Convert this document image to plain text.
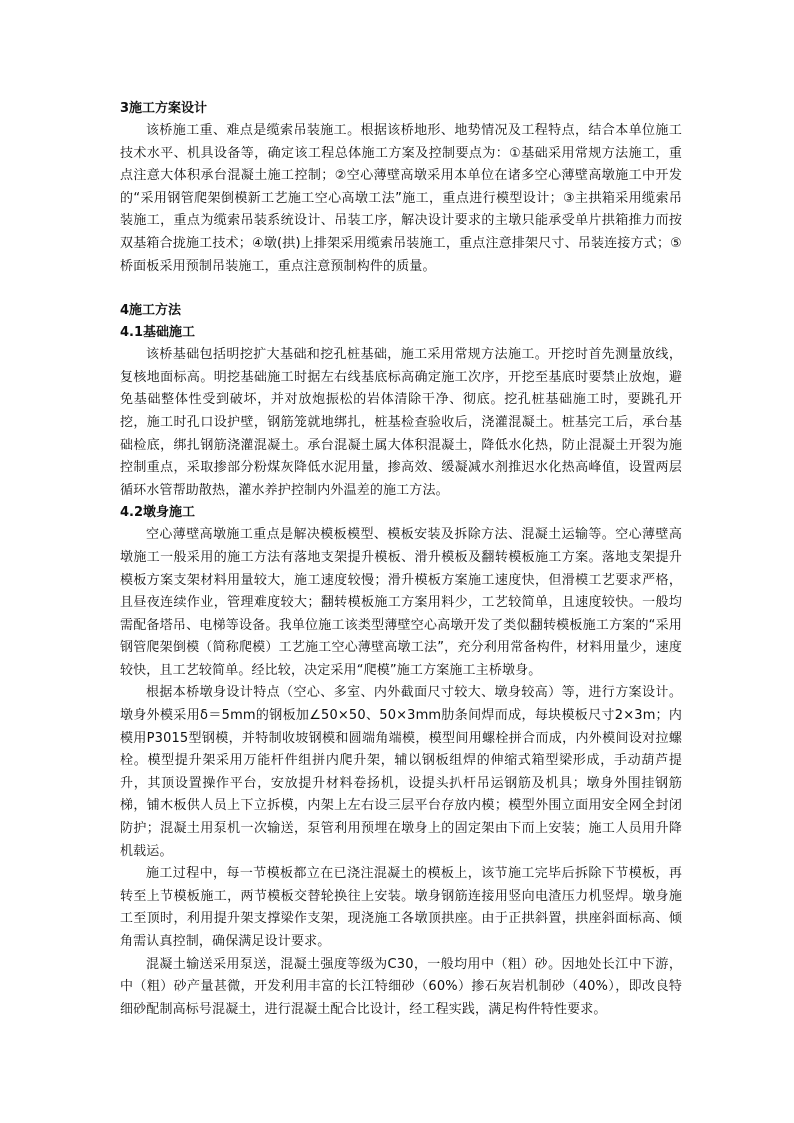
3施工方案设计

该桥施工重、难点是缆索吊装施工。根据该桥地形、地势情况及工程特点，结合本单位施工技术水平、机具设备等，确定该工程总体施工方案及控制要点为：①基础采用常规方法施工，重点注意大体积承台混凝土施工控制；②空心薄壁高墩采用本单位在诸多空心薄壁高墩施工中开发的“采用钢管爬架倒模新工艺施工空心高墩工法”施工，重点进行模型设计；③主拱箱采用缆索吊装施工，重点为缆索吊装系统设计、吊装工序，解决设计要求的主墩只能承受单片拱箱推力而按双基箱合拢施工技术；④墩(拱)上排架采用缆索吊装施工，重点注意排架尺寸、吊装连接方式；⑤桥面板采用预制吊装施工，重点注意预制构件的质量。

4施工方法

4.1基础施工

该桥基础包括明挖扩大基础和挖孔桩基础，施工采用常规方法施工。开挖时首先测量放线，复核地面标高。明挖基础施工时据左右线基底标高确定施工次序，开挖至基底时要禁止放炮，避免基础整体性受到破坏，并对放炮振松的岩体清除干净、彻底。挖孔桩基础施工时，要跳孔开挖，施工时孔口设护壁，钢筋笼就地绑扎，桩基检查验收后，浇灌混凝土。桩基完工后，承台基础检底，绑扎钢筋浇灌混凝土。承台混凝土属大体积混凝土，降低水化热，防止混凝土开裂为施控制重点，采取掺部分粉煤灰降低水泥用量，掺高效、缓凝减水剂推迟水化热高峰值，设置两层循环水管帮助散热，灌水养护控制内外温差的施工方法。

4.2墩身施工

空心薄壁高墩施工重点是解决模板模型、模板安装及拆除方法、混凝土运输等。空心薄壁高墩施工一般采用的施工方法有落地支架提升模板、滑升模板及翻转模板施工方案。落地支架提升模板方案支架材料用量较大，施工速度较慢；滑升模板方案施工速度快，但滑模工艺要求严格，且昼夜连续作业，管理难度较大；翻转模板施工方案用料少，工艺较简单，且速度较快。一般均需配备塔吊、电梯等设备。我单位施工该类型薄壁空心高墩开发了类似翻转模板施工方案的“采用钢管爬架倒模（简称爬模）工艺施工空心薄壁高墩工法”，充分利用常备构件，材料用量少，速度较快，且工艺较简单。经比较，决定采用“爬模”施工方案施工主桥墩身。

根据本桥墩身设计特点（空心、多室、内外截面尺寸较大、墩身较高）等，进行方案设计。墩身外模采用δ＝5mm的钢板加∠50×50、50×3mm肋条间焊而成，每块模板尺寸2×3m；内模用P3015型钢模，并特制收坡钢模和圆端角端模，模型间用螺栓拼合而成，内外模间设对拉螺栓。模型提升架采用万能杆件组拼内爬升架，辅以钢板组焊的伸缩式箱型梁形成，手动葫芦提升，其顶设置操作平台，安放提升材料卷扬机，设提头扒杆吊运钢筋及机具；墩身外围挂钢筋梯，铺木板供人员上下立拆模，内架上左右设三层平台存放内模；模型外围立面用安全网全封闭防护；混凝土用泵机一次输送，泵管利用预埋在墩身上的固定架由下而上安装；施工人员用升降机载运。

施工过程中，每一节模板都立在已浇注混凝土的模板上，该节施工完毕后拆除下节模板，再转至上节模板施工，两节模板交替轮换往上安装。墩身钢筋连接用竖向电渣压力机竖焊。墩身施工至顶时，利用提升架支撑梁作支架，现浇施工各墩顶拱座。由于正拱斜置，拱座斜面标高、倾角需认真控制，确保满足设计要求。

混凝土输送采用泵送，混凝土强度等级为C30，一般均用中（粗）砂。因地处长江中下游，中（粗）砂产量甚微，开发利用丰富的长江特细砂（60%）掺石灰岩机制砂（40%），即改良特细砂配制高标号混凝土，进行混凝土配合比设计，经工程实践，满足构件特性要求。
